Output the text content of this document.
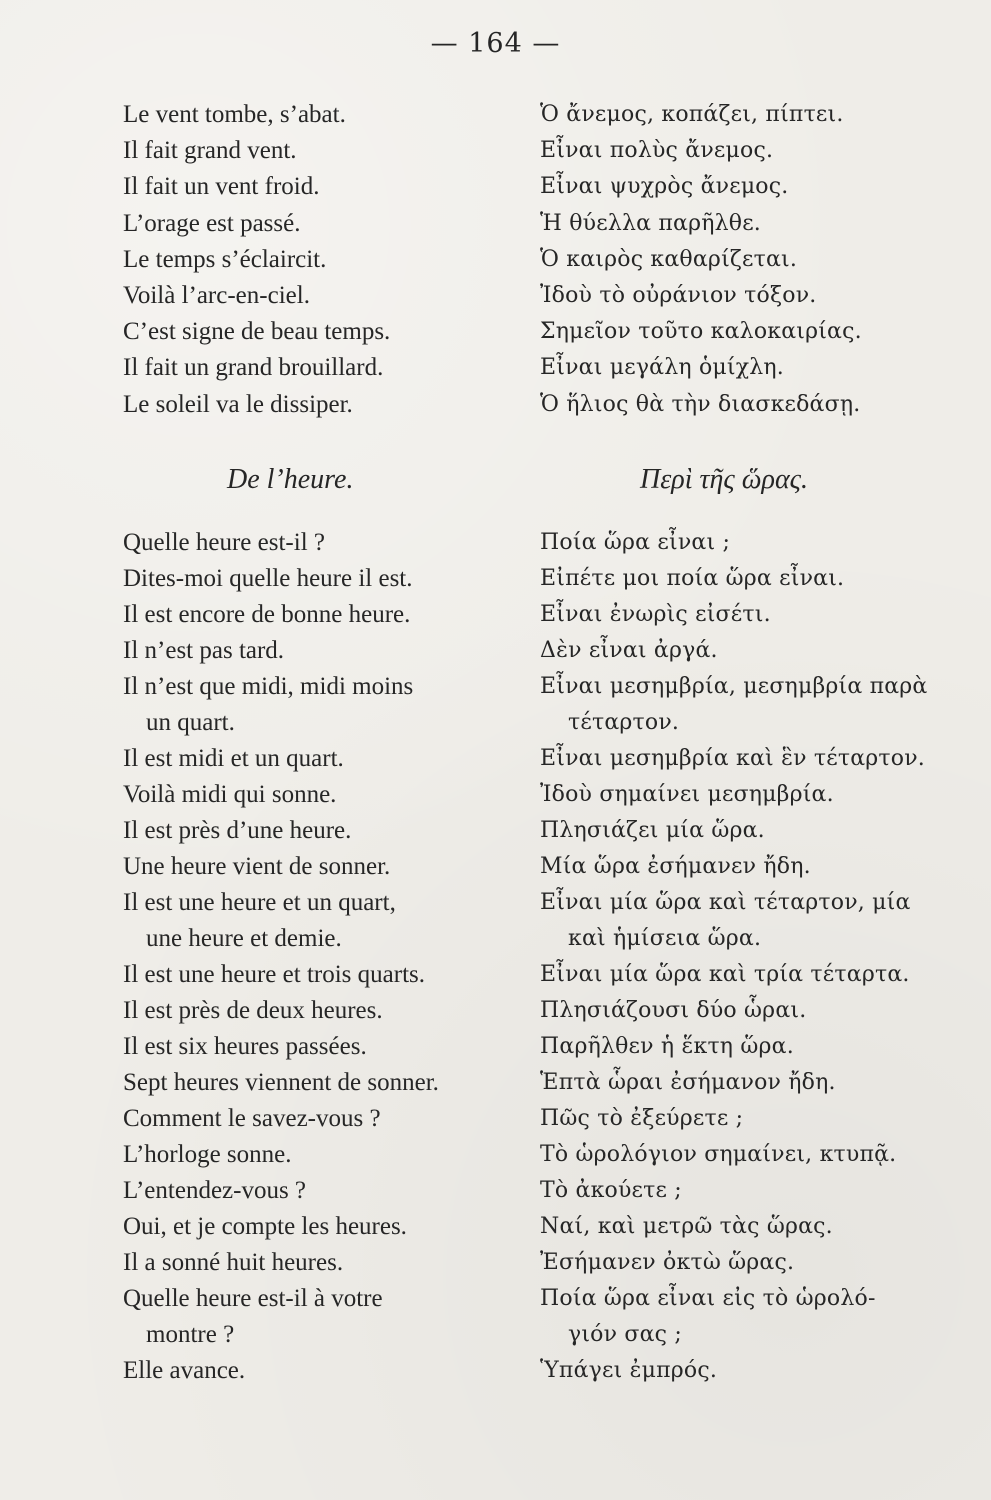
— 164 —
Le vent tombe, s’abat.	Ὁ ἄνεμος, κοπάζει, πίπτει.
Il fait grand vent.	Εἶναι πολὺς ἄνεμος.
Il fait un vent froid.	Εἶναι ψυχρὸς ἄνεμος.
L’orage est passé.	Ἡ θύελλα παρῆλθε.
Le temps s’éclaircit.	Ὁ καιρὸς καθαρίζεται.
Voilà l’arc-en-ciel.	Ἰδοὺ τὸ οὐράνιον τόξον.
C’est signe de beau temps.	Σημεῖον τοῦτο καλοκαιρίας.
Il fait un grand brouillard.	Εἶναι μεγάλη ὁμίχλη.
Le soleil va le dissiper.	Ὁ ἥλιος θὰ τὴν διασκεδάσῃ.
De l’heure.	Περὶ τῆς ὥρας.
Quelle heure est-il ?	Ποία ὥρα εἶναι ;
Dites-moi quelle heure il est.	Εἰπέτε μοι ποία ὥρα εἶναι.
Il est encore de bonne heure.	Εἶναι ἐνωρὶς εἰσέτι.
Il n’est pas tard.	Δὲν εἶναι ἀργά.
Il n’est que midi, midi moins	Εἶναι μεσημβρία, μεσημβρία παρὰ
un quart.	τέταρτον.
Il est midi et un quart.	Εἶναι μεσημβρία καὶ ἓν τέταρτον.
Voilà midi qui sonne.	Ἰδοὺ σημαίνει μεσημβρία.
Il est près d’une heure.	Πλησιάζει μία ὥρα.
Une heure vient de sonner.	Μία ὥρα ἐσήμανεν ἤδη.
Il est une heure et un quart,	Εἶναι μία ὥρα καὶ τέταρτον, μία
une heure et demie.	καὶ ἡμίσεια ὥρα.
Il est une heure et trois quarts.	Εἶναι μία ὥρα καὶ τρία τέταρτα.
Il est près de deux heures.	Πλησιάζουσι δύο ὧραι.
Il est six heures passées.	Παρῆλθεν ἡ ἕκτη ὥρα.
Sept heures viennent de sonner.	Ἑπτὰ ὧραι ἐσήμανον ἤδη.
Comment le savez-vous ?	Πῶς τὸ ἐξεύρετε ;
L’horloge sonne.	Τὸ ὡρολόγιον σημαίνει, κτυπᾷ.
L’entendez-vous ?	Τὸ ἀκούετε ;
Oui, et je compte les heures.	Ναί, καὶ μετρῶ τὰς ὥρας.
Il a sonné huit heures.	Ἐσήμανεν ὀκτὼ ὥρας.
Quelle heure est-il à votre	Ποία ὥρα εἶναι εἰς τὸ ὡρολό-
montre ?	γιόν σας ;
Elle avance.	Ὑπάγει ἐμπρός.
